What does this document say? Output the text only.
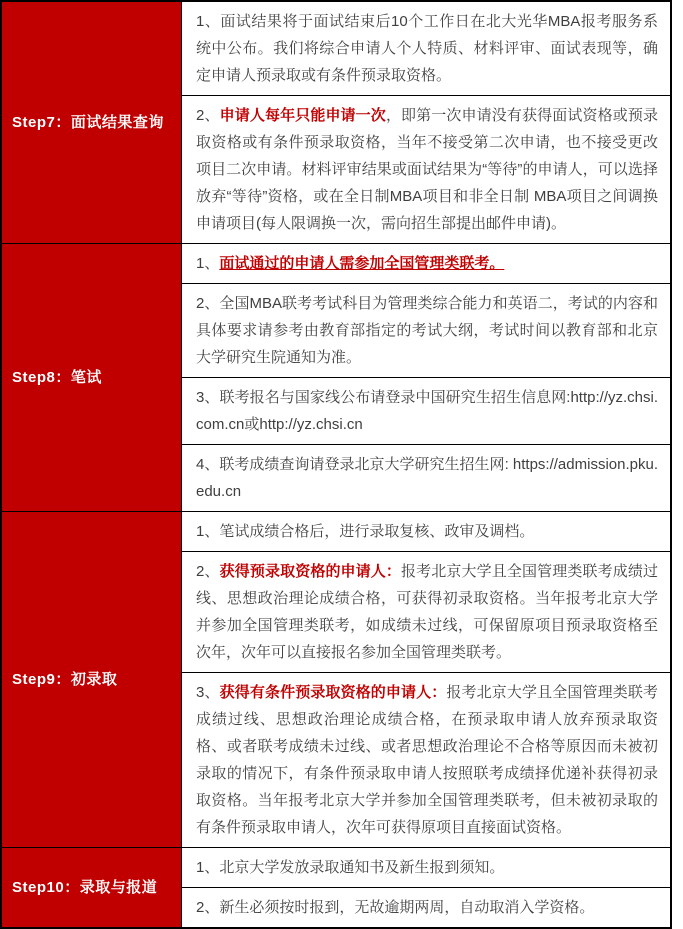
Step7：面试结果查询	1、面试结果将于面试结束后10个工作日在北大光华MBA报考服务系统中公布。我们将综合申请人个人特质、材料评审、面试表现等，确定申请人预录取或有条件预录取资格。
	2、申请人每年只能申请一次，即第一次申请没有获得面试资格或预录取资格或有条件预录取资格，当年不接受第二次申请，也不接受更改项目二次申请。材料评审结果或面试结果为“等待”的申请人，可以选择放弃“等待”资格，或在全日制MBA项目和非全日制 MBA项目之间调换申请项目(每人限调换一次，需向招生部提出邮件申请)。
Step8：笔试	1、面试通过的申请人需参加全国管理类联考。
	2、全国MBA联考考试科目为管理类综合能力和英语二，考试的内容和具体要求请参考由教育部指定的考试大纲，考试时间以教育部和北京大学研究生院通知为准。
	3、联考报名与国家线公布请登录中国研究生招生信息网:http://yz.chsi.com.cn或http://yz.chsi.cn
	4、联考成绩查询请登录北京大学研究生招生网: https://admission.pku.edu.cn
Step9：初录取	1、笔试成绩合格后，进行录取复核、政审及调档。
	2、获得预录取资格的申请人：报考北京大学且全国管理类联考成绩过线、思想政治理论成绩合格，可获得初录取资格。当年报考北京大学并参加全国管理类联考，如成绩未过线，可保留原项目预录取资格至次年，次年可以直接报名参加全国管理类联考。
	3、获得有条件预录取资格的申请人：报考北京大学且全国管理类联考成绩过线、思想政治理论成绩合格，在预录取申请人放弃预录取资格、或者联考成绩未过线、或者思想政治理论不合格等原因而未被初录取的情况下，有条件预录取申请人按照联考成绩择优递补获得初录取资格。当年报考北京大学并参加全国管理类联考，但未被初录取的有条件预录取申请人，次年可获得原项目直接面试资格。
Step10：录取与报道	1、北京大学发放录取通知书及新生报到须知。
	2、新生必须按时报到，无故逾期两周，自动取消入学资格。
